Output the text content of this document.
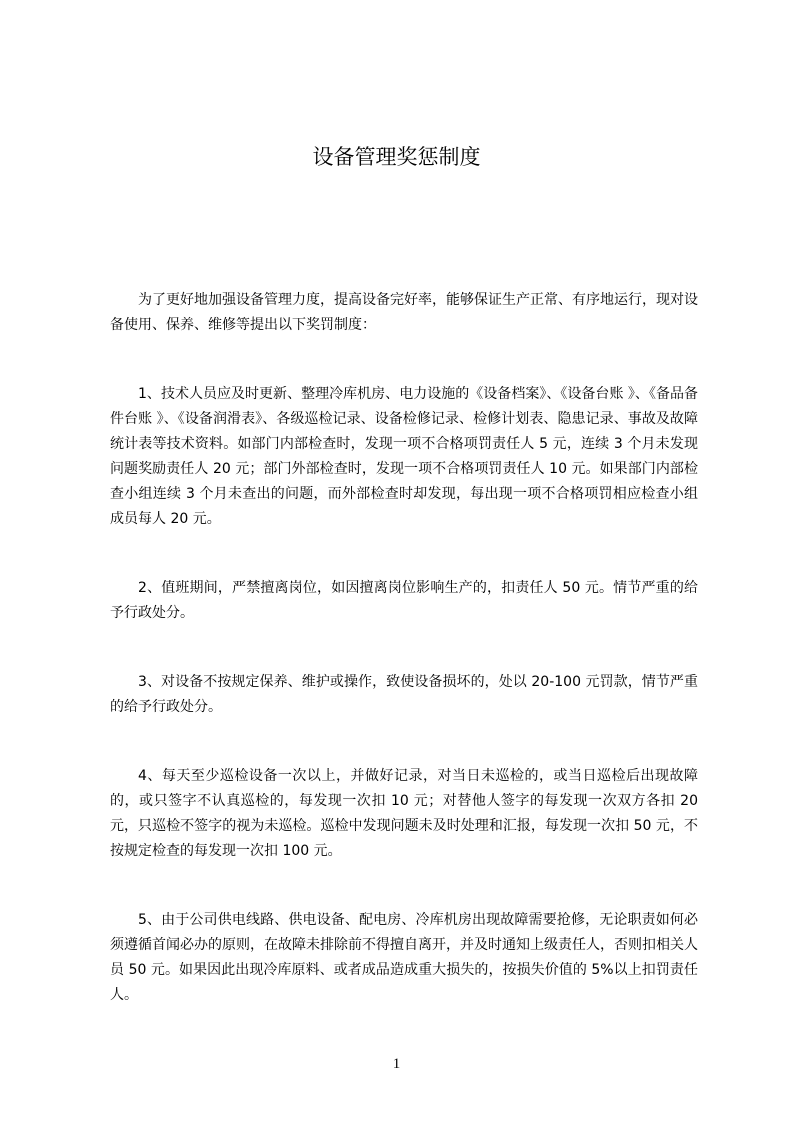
设备管理奖惩制度

为了更好地加强设备管理力度，提高设备完好率，能够保证生产正常、有序地运行，现对设备使用、保养、维修等提出以下奖罚制度：

1、技术人员应及时更新、整理冷库机房、电力设施的《设备档案》、《设备台账 》、《备品备件台账 》、《设备润滑表》、各级巡检记录、设备检修记录、检修计划表、隐患记录、事故及故障统计表等技术资料。如部门内部检查时，发现一项不合格项罚责任人 5 元，连续 3 个月未发现问题奖励责任人 20 元；部门外部检查时，发现一项不合格项罚责任人 10 元。如果部门内部检查小组连续 3 个月未查出的问题，而外部检查时却发现，每出现一项不合格项罚相应检查小组成员每人 20 元。

2、值班期间，严禁擅离岗位，如因擅离岗位影响生产的，扣责任人 50 元。情节严重的给予行政处分。

3、对设备不按规定保养、维护或操作，致使设备损坏的，处以 20-100 元罚款，情节严重的给予行政处分。

4、每天至少巡检设备一次以上，并做好记录，对当日未巡检的，或当日巡检后出现故障的，或只签字不认真巡检的，每发现一次扣 10 元；对替他人签字的每发现一次双方各扣 20 元，只巡检不签字的视为未巡检。巡检中发现问题未及时处理和汇报，每发现一次扣 50 元，不按规定检查的每发现一次扣 100 元。

5、由于公司供电线路、供电设备、配电房、冷库机房出现故障需要抢修，无论职责如何必须遵循首闻必办的原则，在故障未排除前不得擅自离开，并及时通知上级责任人，否则扣相关人员 50 元。如果因此出现冷库原料、或者成品造成重大损失的，按损失价值的 5%以上扣罚责任人。

1
